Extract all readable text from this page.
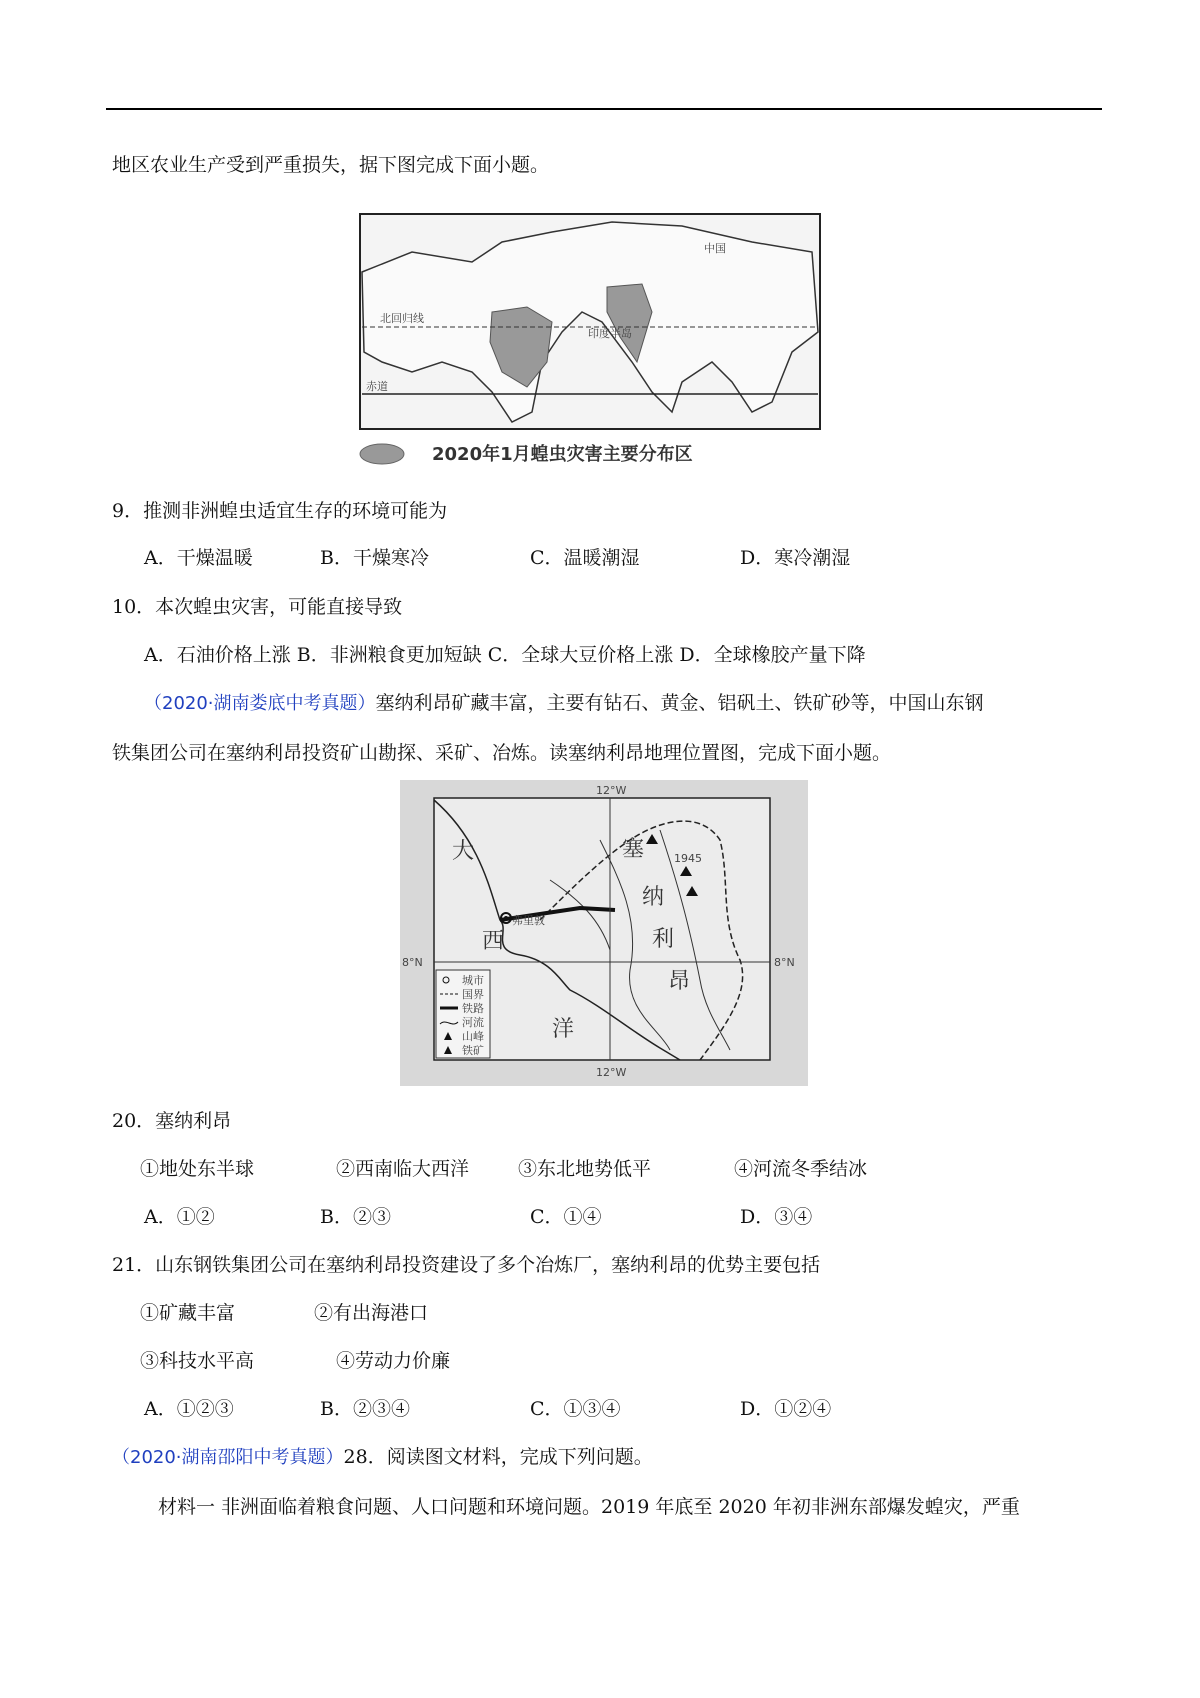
地区农业生产受到严重损失，据下图完成下面小题。
中国
北回归线
赤道
印度半岛
2020年1月蝗虫灾害主要分布区
9．推测非洲蝗虫适宜生存的环境可能为
A．干燥温暖	B．干燥寒冷	C．温暖潮湿	D．寒冷潮湿
10．本次蝗虫灾害，可能直接导致
A．石油价格上涨 B．非洲粮食更加短缺 C．全球大豆价格上涨 D．全球橡胶产量下降
（2020·湖南娄底中考真题）塞纳利昂矿藏丰富，主要有钻石、黄金、铝矾土、铁矿砂等，中国山东钢
铁集团公司在塞纳利昂投资矿山勘探、采矿、冶炼。读塞纳利昂地理位置图，完成下面小题。
12°W
12°W
8°N	8°N
1945
弗里敦
大
西
洋
塞
纳
利
昂
城市
国界
铁路
河流
山峰
铁矿
20．塞纳利昂
①地处东半球	②西南临大西洋	③东北地势低平	④河流冬季结冰
A．①②	B．②③	C．①④	D．③④
21．山东钢铁集团公司在塞纳利昂投资建设了多个冶炼厂，塞纳利昂的优势主要包括
①矿藏丰富	②有出海港口
③科技水平高	④劳动力价廉
A．①②③	B．②③④	C．①③④	D．①②④
（2020·湖南邵阳中考真题）28．阅读图文材料，完成下列问题。
材料一 非洲面临着粮食问题、人口问题和环境问题。2019 年底至 2020 年初非洲东部爆发蝗灾，严重
